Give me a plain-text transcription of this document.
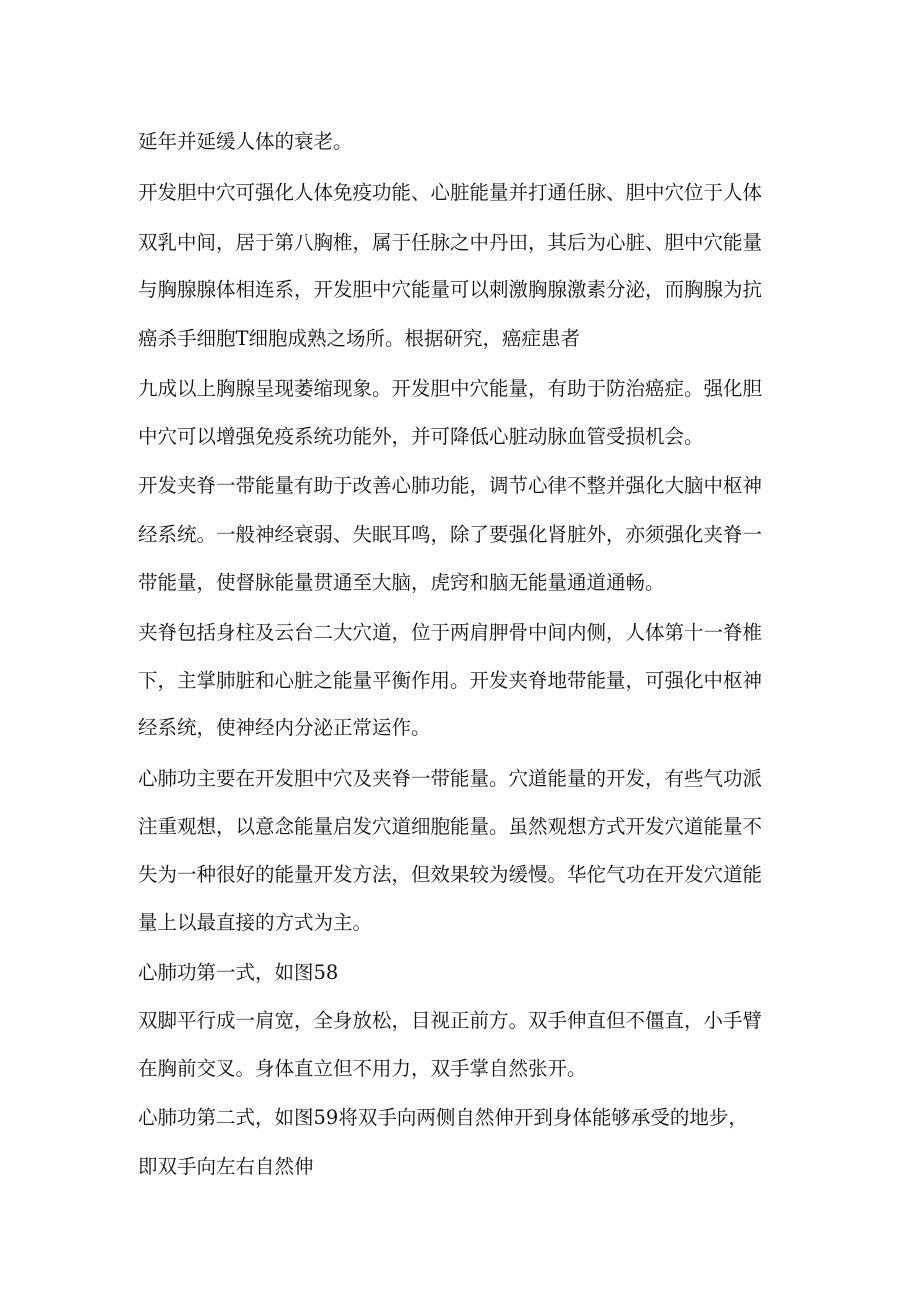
延年并延缓人体的衰老。
开发胆中穴可强化人体免疫功能、心脏能量并打通任脉、胆中穴位于人体
双乳中间，居于第八胸椎，属于任脉之中丹田，其后为心脏、胆中穴能量
与胸腺腺体相连系，开发胆中穴能量可以刺激胸腺激素分泌，而胸腺为抗
癌杀手细胞T细胞成熟之场所。根据研究，癌症患者
九成以上胸腺呈现萎缩现象。开发胆中穴能量，有助于防治癌症。强化胆
中穴可以增强免疫系统功能外，并可降低心脏动脉血管受损机会。
开发夹脊一带能量有助于改善心肺功能，调节心律不整并强化大脑中枢神
经系统。一般神经衰弱、失眠耳鸣，除了要强化肾脏外，亦须强化夹脊一
带能量，使督脉能量贯通至大脑，虎窍和脑无能量通道通畅。
夹脊包括身柱及云台二大穴道，位于两肩胛骨中间内侧，人体第十一脊椎
下，主掌肺脏和心脏之能量平衡作用。开发夹脊地带能量，可强化中枢神
经系统，使神经内分泌正常运作。
心肺功主要在开发胆中穴及夹脊一带能量。穴道能量的开发，有些气功派
注重观想，以意念能量启发穴道细胞能量。虽然观想方式开发穴道能量不
失为一种很好的能量开发方法，但效果较为缓慢。华佗气功在开发穴道能
量上以最直接的方式为主。
心肺功第一式，如图58
双脚平行成一肩宽，全身放松，目视正前方。双手伸直但不僵直，小手臂
在胸前交叉。身体直立但不用力，双手掌自然张开。
心肺功第二式，如图59将双手向两侧自然伸开到身体能够承受的地步，
即双手向左右自然伸
